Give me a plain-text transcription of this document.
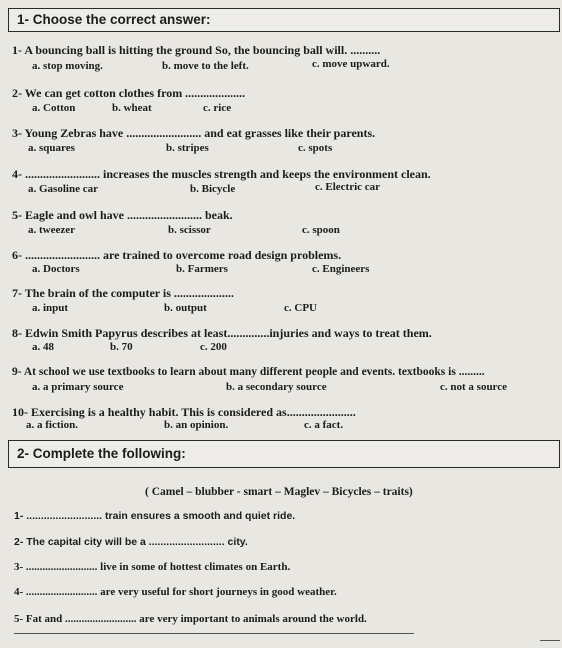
1- Choose the correct answer:
1- A bouncing ball is hitting the ground So, the bouncing ball will. ..........
a. stop moving.	b. move to the left.	c. move upward.
2- We can get cotton clothes from ....................
a. Cotton	b. wheat	c. rice
3- Young Zebras have ......................... and eat grasses like their parents.
a. squares	b. stripes	c. spots
4- ......................... increases the muscles strength and keeps the environment clean.
a. Gasoline car	b. Bicycle	c. Electric car
5- Eagle and owl have ......................... beak.
a. tweezer	b. scissor	c. spoon
6- ......................... are trained to overcome road design problems.
a. Doctors	b. Farmers	c. Engineers
7- The brain of the computer is ....................
a. input	b. output	c. CPU
8- Edwin Smith Papyrus describes at least..............injuries and ways to treat them.
a. 48	b. 70	c. 200
9- At school we use textbooks to learn about many different people and events. textbooks is .........
a. a primary source	b. a secondary source	c. not a source
10- Exercising is a healthy habit. This is considered as.......................
a. a fiction.	b. an opinion.	c. a fact.
2- Complete the following:
( Camel – blubber - smart – Maglev – Bicycles – traits)
1- .......................... train ensures a smooth and quiet ride.
2- The capital city will be a .......................... city.
3- .......................... live in some of hottest climates on Earth.
4- .......................... are very useful for short journeys in good weather.
5- Fat and .......................... are very important to animals around the world.
